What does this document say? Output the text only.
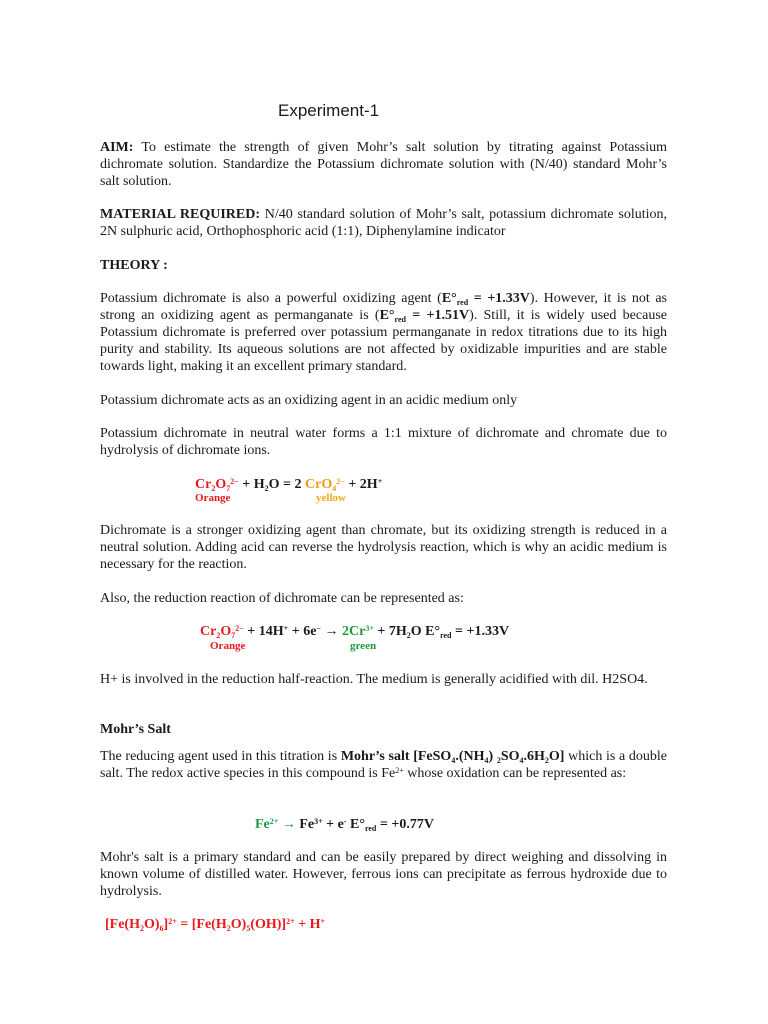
Experiment-1

AIM: To estimate the strength of given Mohr’s salt solution by titrating against Potassium dichromate solution. Standardize the Potassium dichromate solution with (N/40) standard Mohr’s salt solution.

MATERIAL REQUIRED: N/40 standard solution of Mohr’s salt, potassium dichromate solution, 2N sulphuric acid, Orthophosphoric acid (1:1), Diphenylamine indicator

THEORY :

Potassium dichromate is also a powerful oxidizing agent $(E^\circ_{red} = +1.33V)$. However, it is not as strong an oxidizing agent as permanganate is $(E^\circ_{red} = +1.51V)$. Still, it is widely used because Potassium dichromate is preferred over potassium permanganate in redox titrations due to its high purity and stability. Its aqueous solutions are not affected by oxidizable impurities and are stable towards light, making it an excellent primary standard.

Potassium dichromate acts as an oxidizing agent in an acidic medium only

Potassium dichromate in neutral water forms a 1:1 mixture of dichromate and chromate due to hydrolysis of dichromate ions.

$Cr_2O_7^{2-} + H_2O = 2$ CrO$_4^{2-}$ + 2H+
Orange	yellow

Dichromate is a stronger oxidizing agent than chromate, but its oxidizing strength is reduced in a neutral solution. Adding acid can reverse the hydrolysis reaction, which is why an acidic medium is necessary for the reaction.

Also, the reduction reaction of dichromate can be represented as:

$Cr_2O_7^{2-} + 14H^+ + 6e^- \to 2Cr^{3+} + 7H_2O$ $E^\circ_{red} = +1.33V$
Orange	green

H+ is involved in the reduction half-reaction. The medium is generally acidified with dil. H2SO4.

Mohr’s Salt

The reducing agent used in this titration is Mohr’s salt [$FeSO_4.(NH_4)$ $_2SO_4.6H_2O$] which is a double salt. The redox active species in this compound is $Fe^{2+}$ whose oxidation can be represented as:

$Fe^{2+} \to Fe^{3+} + e^-$ $E^\circ_{red} = +0.77V$

Mohr's salt is a primary standard and can be easily prepared by direct weighing and dissolving in known volume of distilled water. However, ferrous ions can precipitate as ferrous hydroxide due to hydrolysis.

$[Fe(H_2O)_6]^{2+} = [Fe(H_2O)_5(OH)]^{2+} + H^+$
